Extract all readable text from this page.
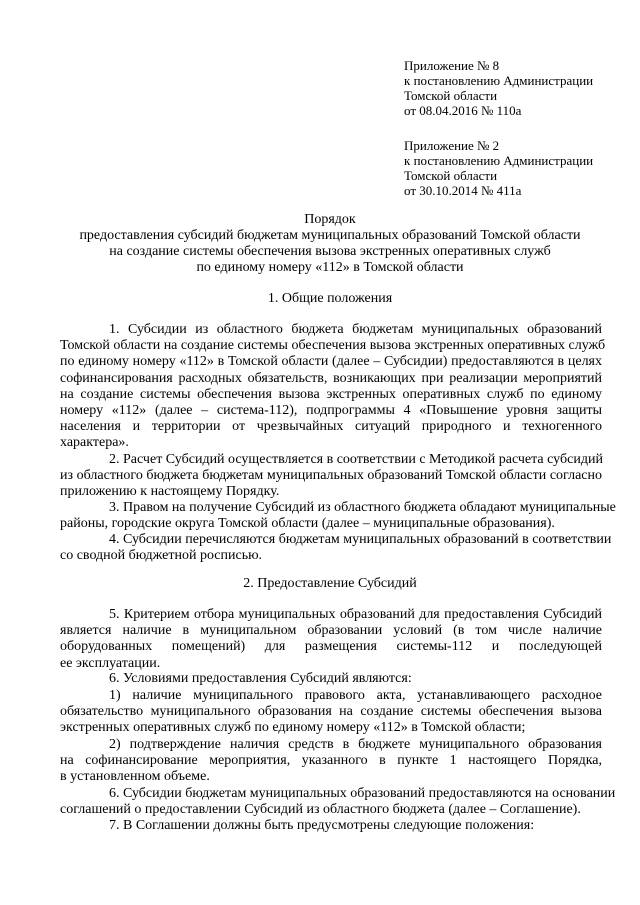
Приложение № 8
к постановлению Администрации
Томской области
от 08.04.2016 № 110а
Приложение № 2
к постановлению Администрации
Томской области
от 30.10.2014 № 411а
Порядок
предоставления субсидий бюджетам муниципальных образований Томской области
на создание системы обеспечения вызова экстренных оперативных служб
по единому номеру «112» в Томской области
1. Общие положения
1. Субсидии из областного бюджета бюджетам муниципальных образований
Томской области на создание системы обеспечения вызова экстренных оперативных служб
по единому номеру «112» в Томской области (далее – Субсидии) предоставляются в целях
софинансирования расходных обязательств, возникающих при реализации мероприятий
на создание системы обеспечения вызова экстренных оперативных служб по единому
номеру «112» (далее – система-112), подпрограммы 4 «Повышение уровня защиты
населения и территории от чрезвычайных ситуаций природного и техногенного
характера».
2. Расчет Субсидий осуществляется в соответствии с Методикой расчета субсидий
из областного бюджета бюджетам муниципальных образований Томской области согласно
приложению к настоящему Порядку.
3. Правом на получение Субсидий из областного бюджета обладают муниципальные
районы, городские округа Томской области (далее – муниципальные образования).
4. Субсидии перечисляются бюджетам муниципальных образований в соответствии
со сводной бюджетной росписью.
2. Предоставление Субсидий
5. Критерием отбора муниципальных образований для предоставления Субсидий
является наличие в муниципальном образовании условий (в том числе наличие
оборудованных помещений) для размещения системы-112 и последующей
ее эксплуатации.
6. Условиями предоставления Субсидий являются:
1) наличие муниципального правового акта, устанавливающего расходное
обязательство муниципального образования на создание системы обеспечения вызова
экстренных оперативных служб по единому номеру «112» в Томской области;
2) подтверждение наличия средств в бюджете муниципального образования
на софинансирование мероприятия, указанного в пункте 1 настоящего Порядка,
в установленном объеме.
6. Субсидии бюджетам муниципальных образований предоставляются на основании
соглашений о предоставлении Субсидий из областного бюджета (далее – Соглашение).
7. В Соглашении должны быть предусмотрены следующие положения:
